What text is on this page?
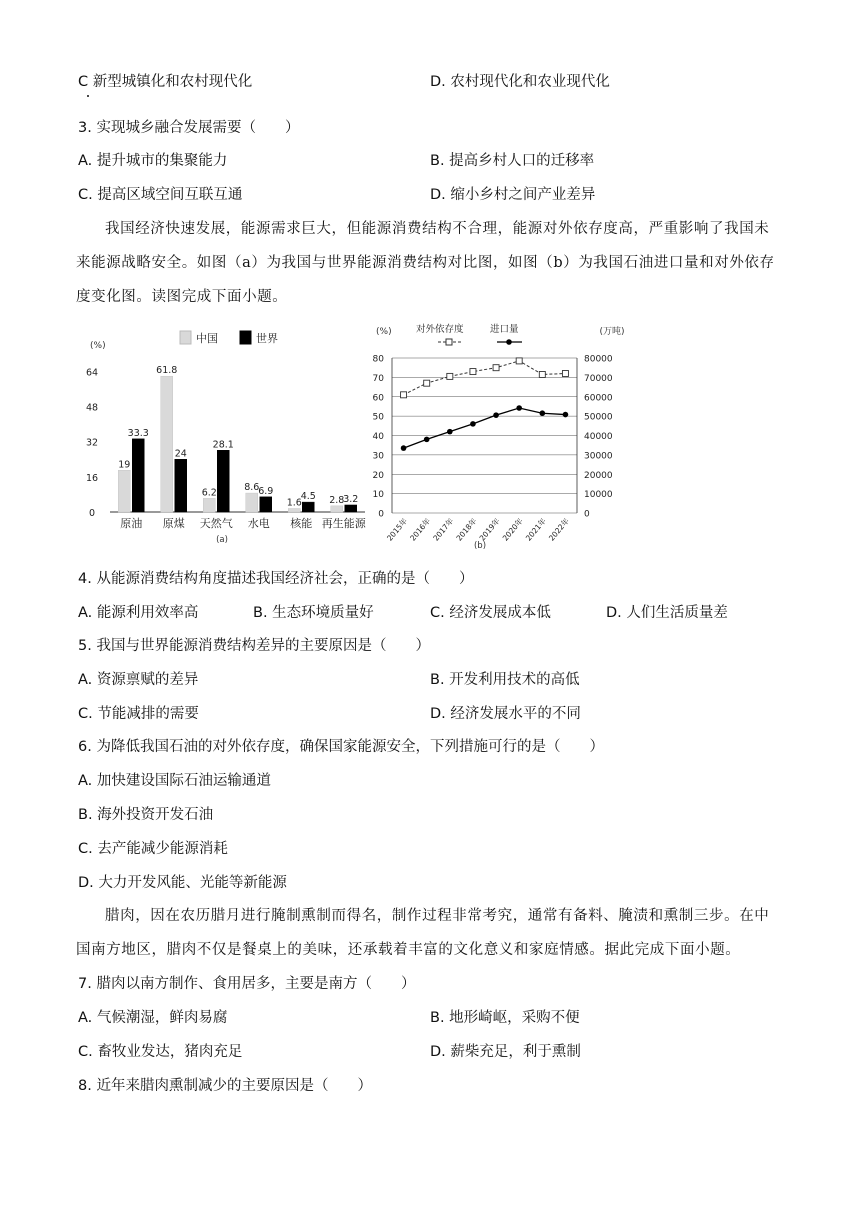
C 新型城镇化和农村现代化	D. 农村现代化和农业现代化
3. 实现城乡融合发展需要（　　）
A. 提升城市的集聚能力	B. 提高乡村人口的迁移率
C. 提高区域空间互联互通	D. 缩小乡村之间产业差异
我国经济快速发展，能源需求巨大，但能源消费结构不合理，能源对外依存度高，严重影响了我国未来能源战略安全。如图（a）为我国与世界能源消费结构对比图，如图（b）为我国石油进口量和对外依存度变化图。读图完成下面小题。
(%)
0
16
32
48
64
中国	世界
19
33.3
原油
61.8
24
原煤
6.2
28.1
天然气
8.6
6.9
水电
1.6
4.5
核能
2.8
3.2
再生能源
(a)
(%)	(万吨)
对外依存度	进口量
0
10
20
30
40
50
60
70
80
0
10000
20000
30000
40000
50000
60000
70000
80000
2015年 2016年 2017年 2018年 2019年 2020年 2021年 2022年
(b)
4. 从能源消费结构角度描述我国经济社会，正确的是（　　）
A. 能源利用效率高	B. 生态环境质量好	C. 经济发展成本低	D. 人们生活质量差
5. 我国与世界能源消费结构差异的主要原因是（　　）
A. 资源禀赋的差异	B. 开发利用技术的高低
C. 节能减排的需要	D. 经济发展水平的不同
6. 为降低我国石油的对外依存度，确保国家能源安全，下列措施可行的是（　　）
A. 加快建设国际石油运输通道
B. 海外投资开发石油
C. 去产能减少能源消耗
D. 大力开发风能、光能等新能源
腊肉，因在农历腊月进行腌制熏制而得名，制作过程非常考究，通常有备料、腌渍和熏制三步。在中国南方地区，腊肉不仅是餐桌上的美味，还承载着丰富的文化意义和家庭情感。据此完成下面小题。
7. 腊肉以南方制作、食用居多，主要是南方（　　）
A. 气候潮湿，鲜肉易腐	B. 地形崎岖，采购不便
C. 畜牧业发达，猪肉充足	D. 薪柴充足，利于熏制
8. 近年来腊肉熏制减少的主要原因是（　　）
